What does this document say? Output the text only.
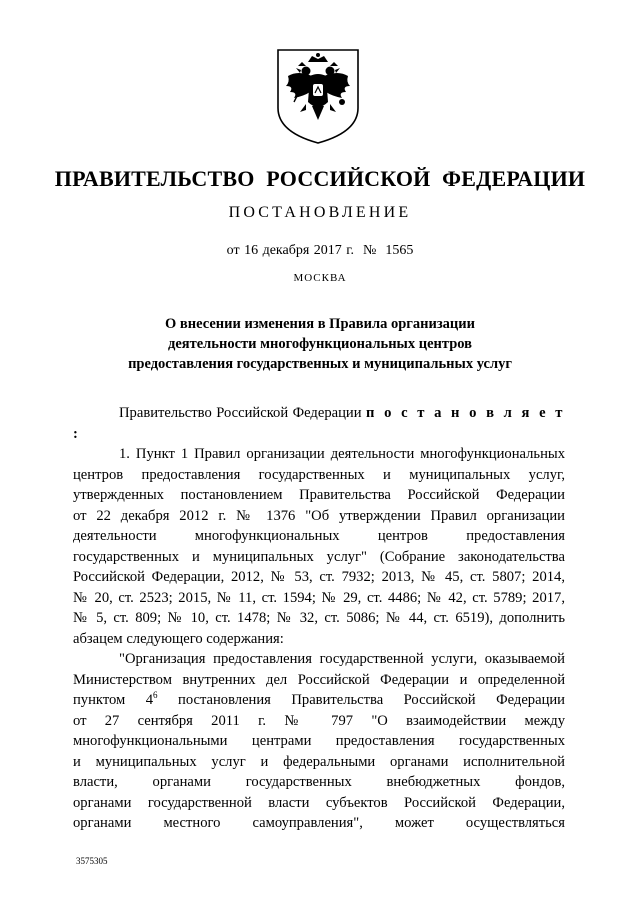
ПРАВИТЕЛЬСТВО РОССИЙСКОЙ ФЕДЕРАЦИИ
ПОСТАНОВЛЕНИЕ
от 16 декабря 2017 г.  №  1565
МОСКВА
О внесении изменения в Правила организации
деятельности многофункциональных центров
предоставления государственных и муниципальных услуг

Правительство Российской Федерации п о с т а н о в л я е т :

1. Пункт 1 Правил организации деятельности многофункциональных
центров предоставления государственных и муниципальных услуг,
утвержденных постановлением Правительства Российской Федерации
от 22 декабря 2012 г. № 1376 "Об утверждении Правил организации
деятельности многофункциональных центров предоставления
государственных и муниципальных услуг" (Собрание законодательства
Российской Федерации, 2012, № 53, ст. 7932; 2013, № 45, ст. 5807; 2014,
№ 20, ст. 2523; 2015, № 11, ст. 1594; № 29, ст. 4486; № 42, ст. 5789; 2017,
№ 5, ст. 809; № 10, ст. 1478; № 32, ст. 5086; № 44, ст. 6519), дополнить
абзацем следующего содержания:
"Организация предоставления государственной услуги, оказываемой
Министерством внутренних дел Российской Федерации и определенной
пунктом $4^6$ постановления Правительства Российской Федерации
от 27 сентября 2011 г. № 797 "О взаимодействии между
многофункциональными центрами предоставления государственных
и муниципальных услуг и федеральными органами исполнительной
власти, органами государственных внебюджетных фондов,
органами государственной власти субъектов Российской Федерации,
органами местного самоуправления", может осуществляться
3575305
